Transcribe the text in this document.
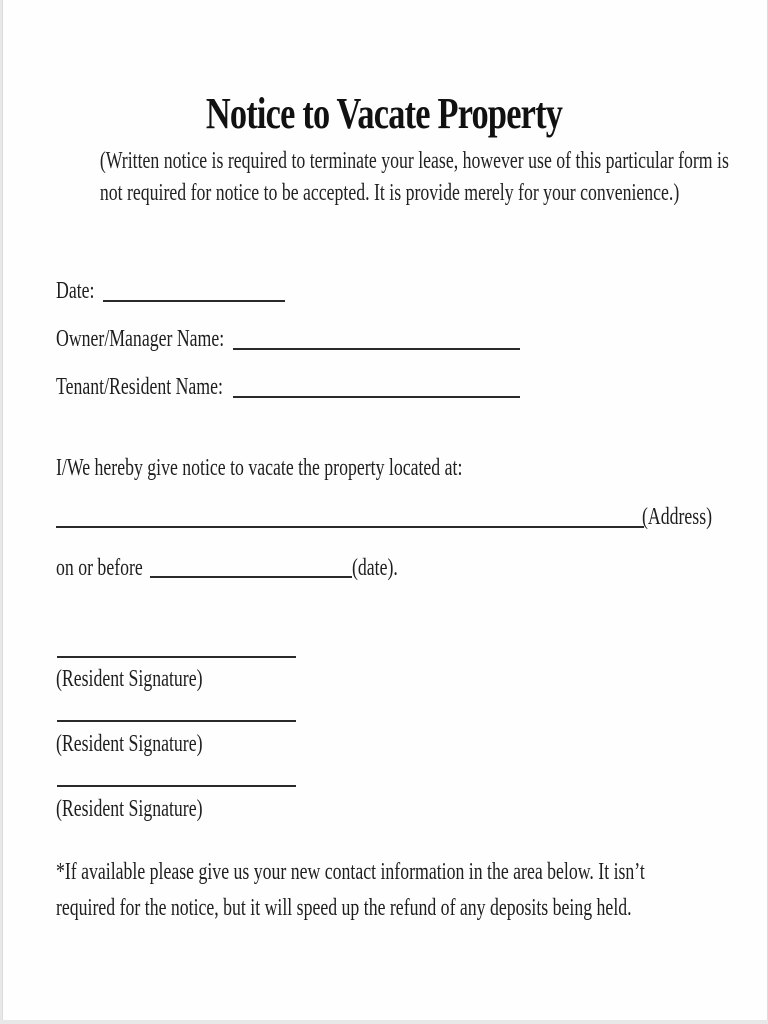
Notice to Vacate Property
(Written notice is required to terminate your lease, however use of this particular form is
not required for notice to be accepted. It is provide merely for your convenience.)
Date:
Owner/Manager Name:
Tenant/Resident Name:
I/We hereby give notice to vacate the property located at:
(Address)
on or before	(date).
(Resident Signature)
(Resident Signature)
(Resident Signature)
*If available please give us your new contact information in the area below. It isn’t
required for the notice, but it will speed up the refund of any deposits being held.
